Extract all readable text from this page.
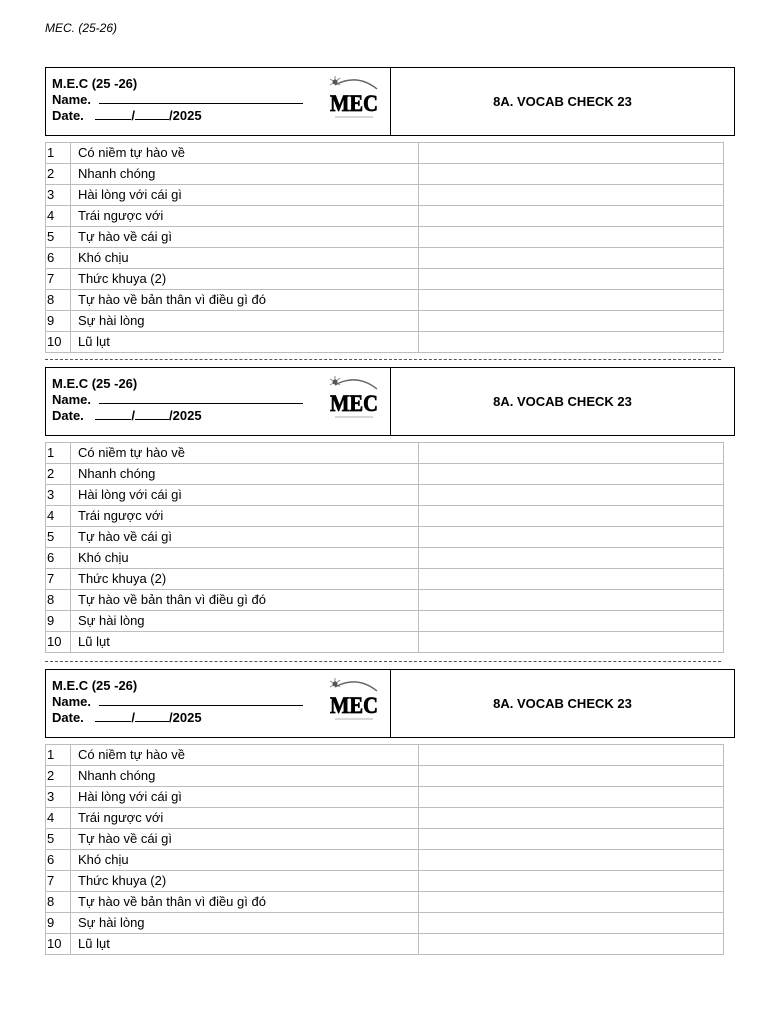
MEC. (25-26)
M.E.C (25 -26)
Name.
Date.	/	/2025	MEC	8A. VOCAB CHECK 23
1	Có niềm tự hào về	
2	Nhanh chóng	
3	Hài lòng với cái gì	
4	Trái ngược với	
5	Tự hào về cái gì	
6	Khó chịu	
7	Thức khuya (2)	
8	Tự hào về bản thân vì điều gì đó	
9	Sự hài lòng	
10	Lũ lụt	
M.E.C (25 -26)
Name.
Date.	/	/2025	MEC	8A. VOCAB CHECK 23
1	Có niềm tự hào về	
2	Nhanh chóng	
3	Hài lòng với cái gì	
4	Trái ngược với	
5	Tự hào về cái gì	
6	Khó chịu	
7	Thức khuya (2)	
8	Tự hào về bản thân vì điều gì đó	
9	Sự hài lòng	
10	Lũ lụt	
M.E.C (25 -26)
Name.
Date.	/	/2025	MEC	8A. VOCAB CHECK 23
1	Có niềm tự hào về	
2	Nhanh chóng	
3	Hài lòng với cái gì	
4	Trái ngược với	
5	Tự hào về cái gì	
6	Khó chịu	
7	Thức khuya (2)	
8	Tự hào về bản thân vì điều gì đó	
9	Sự hài lòng	
10	Lũ lụt	
